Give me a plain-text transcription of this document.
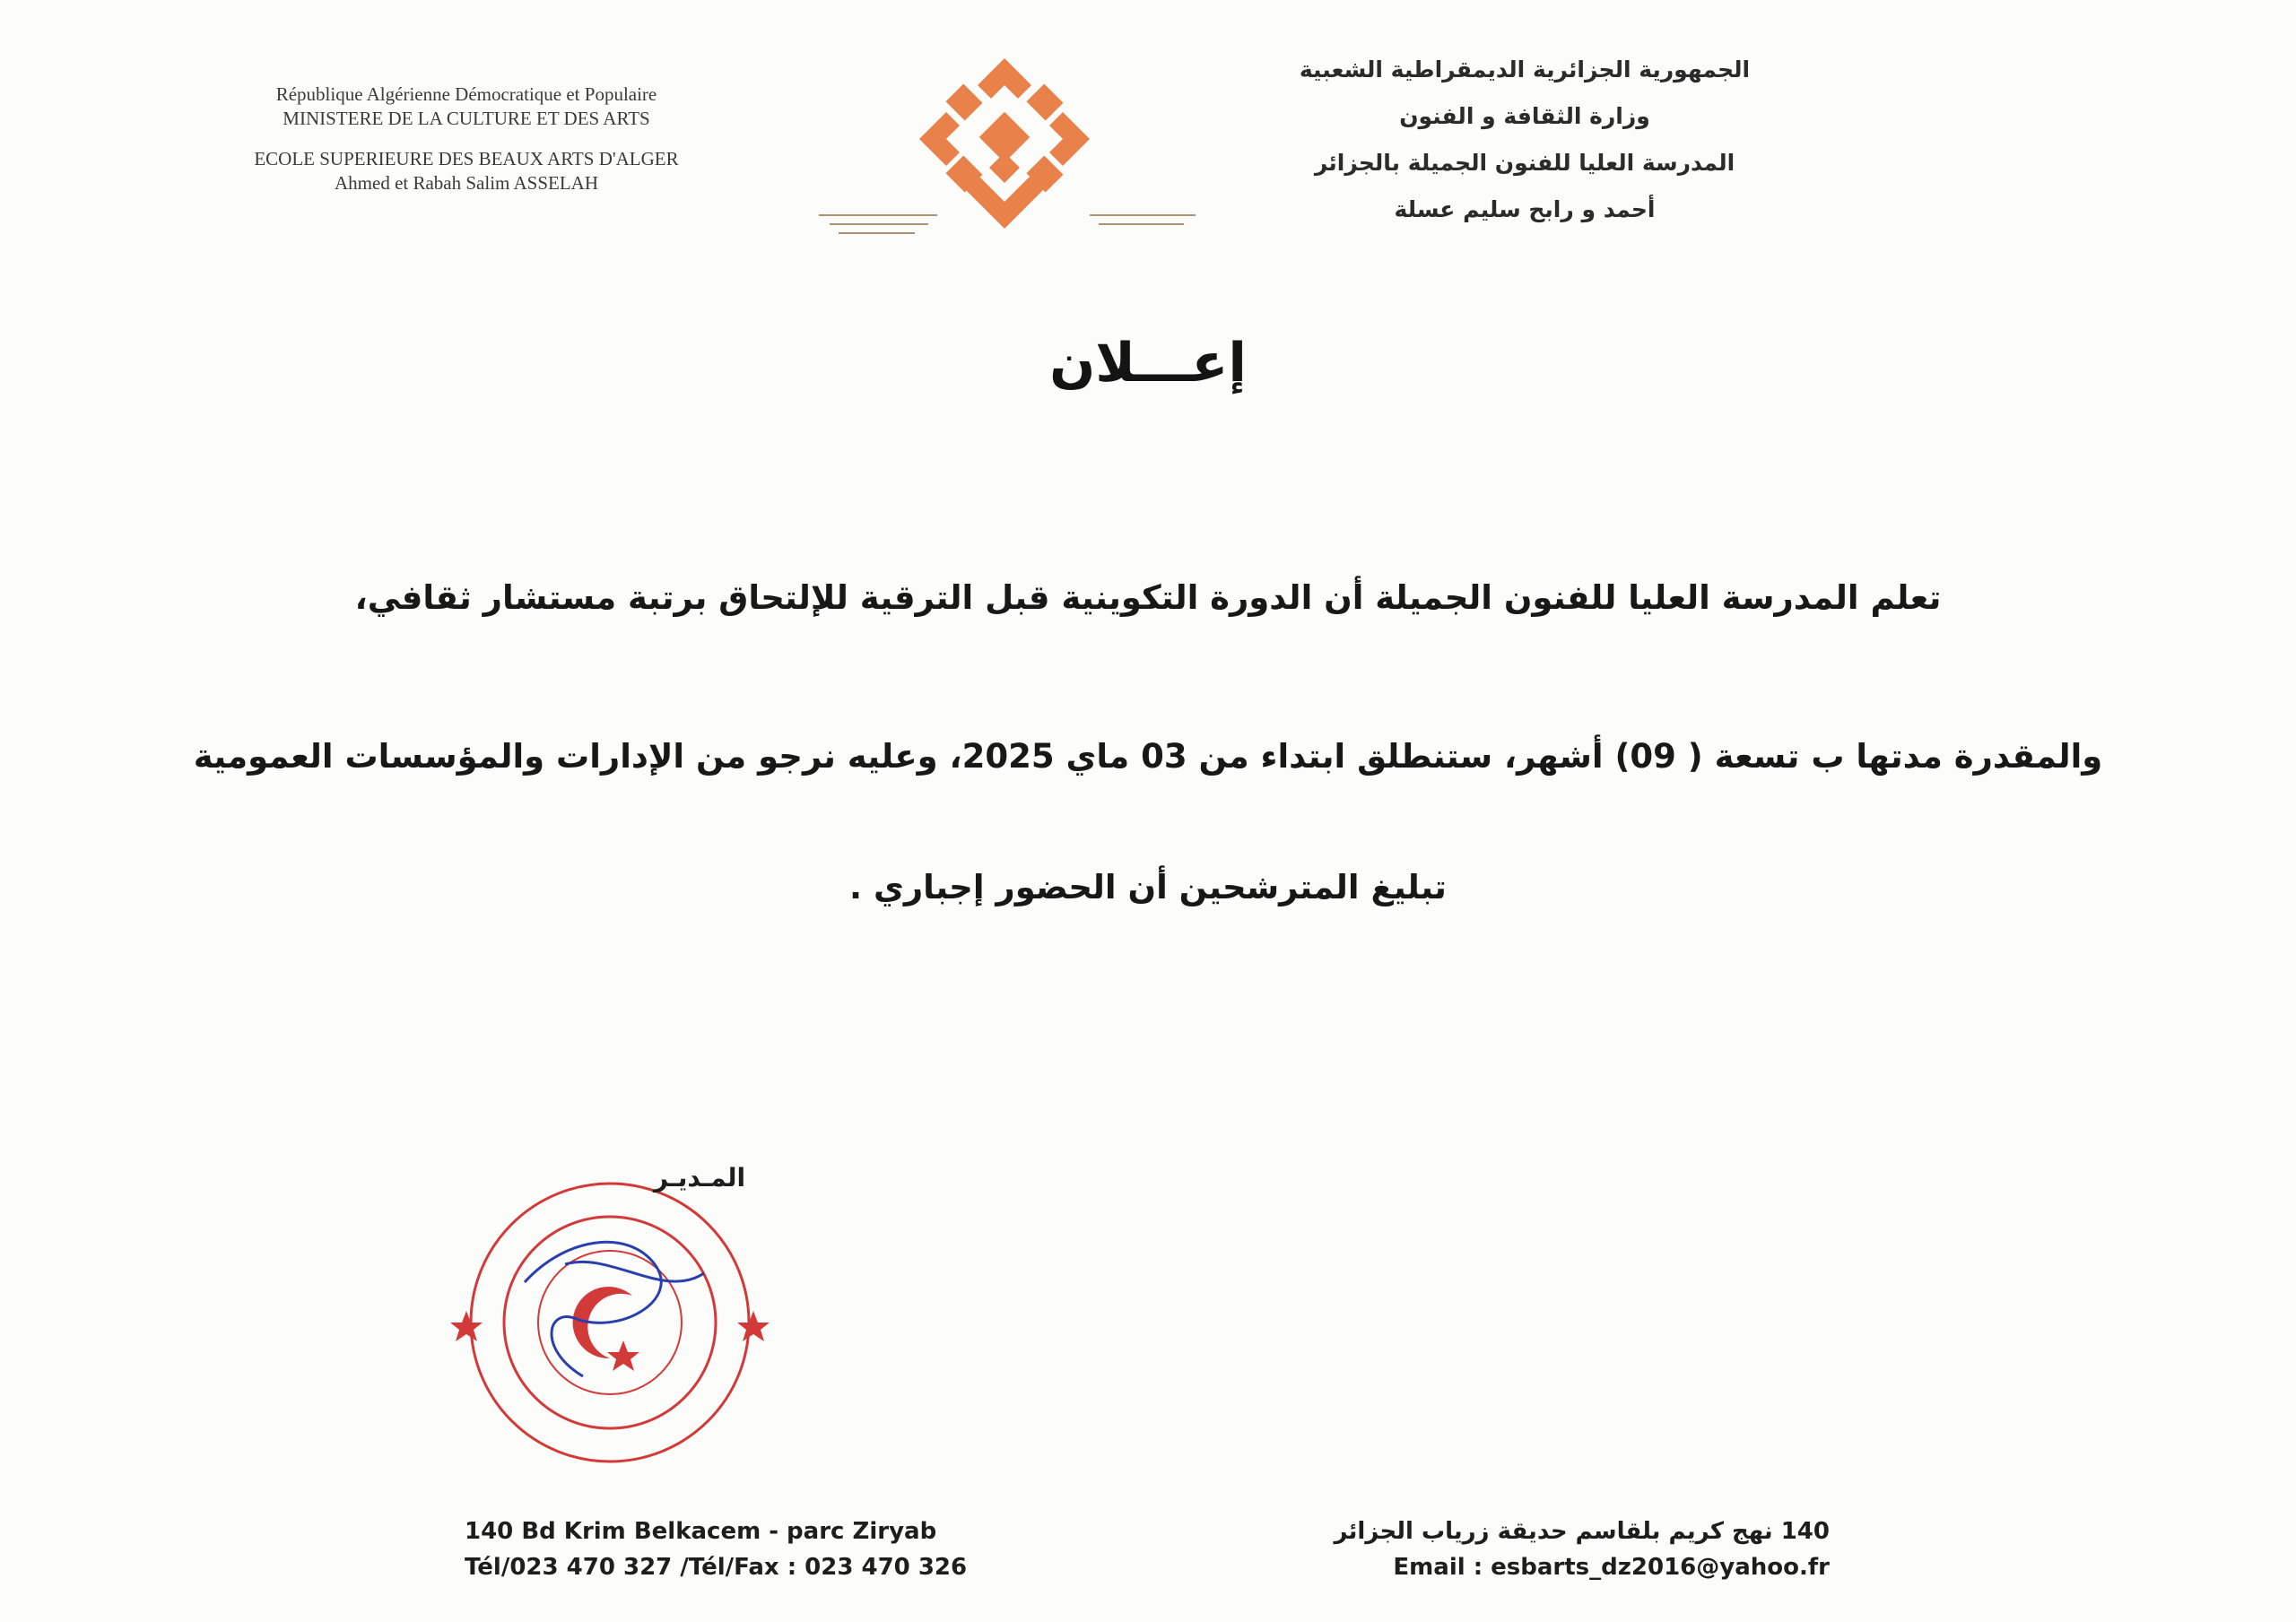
République Algérienne Démocratique et Populaire
MINISTERE DE LA CULTURE ET DES ARTS
ECOLE SUPERIEURE DES BEAUX ARTS D'ALGER
Ahmed et Rabah Salim ASSELAH
الجمهورية الجزائرية الديمقراطية الشعبية
وزارة الثقافة و الفنون
المدرسة العليا للفنون الجميلة بالجزائر
أحمد و رابح سليم عسلة
إعـــلان
تعلم المدرسة العليا للفنون الجميلة أن الدورة التكوينية قبل الترقية للإلتحاق برتبة مستشار ثقافي،
والمقدرة مدتها ب تسعة ( 09) أشهر، ستنطلق ابتداء من 03 ماي 2025، وعليه نرجو من الإدارات والمؤسسات العمومية
تبليغ المترشحين أن الحضور إجباري .
المـديـر
140 Bd Krim Belkacem - parc Ziryab
Tél/023 470 327 /Tél/Fax : 023 470 326
140 نهج كريم بلقاسم حديقة زرياب الجزائر
Email : esbarts_dz2016@yahoo.fr
